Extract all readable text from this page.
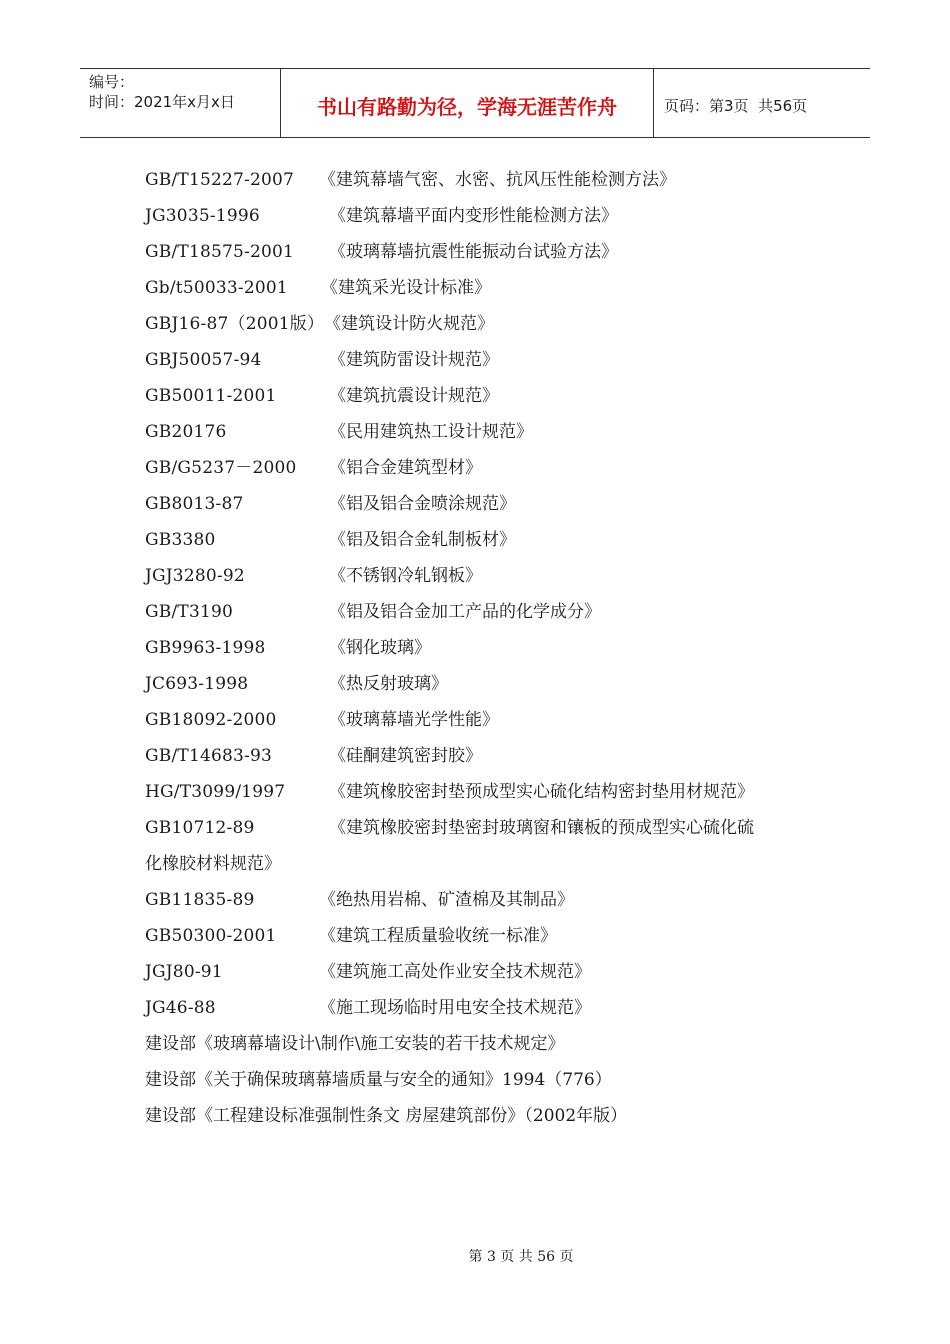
编号：
时间：2021年x月x日	书山有路勤为径，学海无涯苦作舟	页码：第3页  共56页
GB/T15227-2007 《建筑幕墙气密、水密、抗风压性能检测方法》
JG3035-1996	《建筑幕墙平面内变形性能检测方法》
GB/T18575-2001 《玻璃幕墙抗震性能振动台试验方法》
Gb/t50033-2001 《建筑采光设计标准》
GBJ16-87（2001版）《建筑设计防火规范》
GBJ50057-94	《建筑防雷设计规范》
GB50011-2001	《建筑抗震设计规范》
GB20176	《民用建筑热工设计规范》
GB/G5237－2000 《铝合金建筑型材》
GB8013-87	《铝及铝合金喷涂规范》
GB3380	《铝及铝合金轧制板材》
JGJ3280-92	《不锈钢冷轧钢板》
GB/T3190	《铝及铝合金加工产品的化学成分》
GB9963-1998	《钢化玻璃》
JC693-1998	《热反射玻璃》
GB18092-2000	《玻璃幕墙光学性能》
GB/T14683-93	《硅酮建筑密封胶》
HG/T3099/1997	《建筑橡胶密封垫预成型实心硫化结构密封垫用材规范》
GB10712-89	《建筑橡胶密封垫密封玻璃窗和镶板的预成型实心硫化硫
化橡胶材料规范》
GB11835-89	《绝热用岩棉、矿渣棉及其制品》
GB50300-2001 《建筑工程质量验收统一标准》
JGJ80-91	《建筑施工高处作业安全技术规范》
JG46-88	《施工现场临时用电安全技术规范》
建设部《玻璃幕墙设计\制作\施工安装的若干技术规定》
建设部《关于确保玻璃幕墙质量与安全的通知》1994（776）
建设部《工程建设标准强制性条文 房屋建筑部份》（2002年版）
第 3 页 共 56 页
